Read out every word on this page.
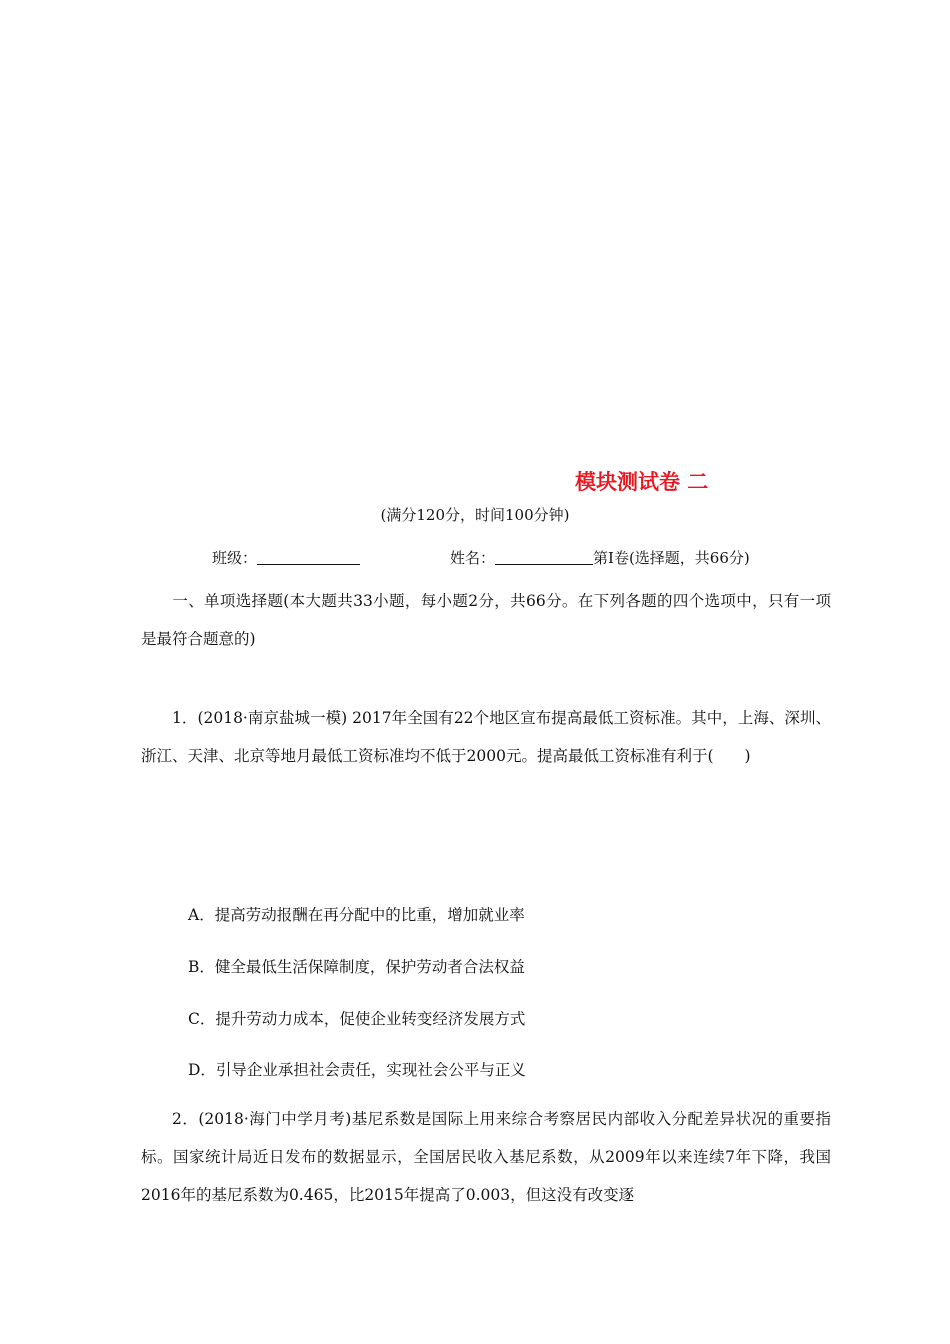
模块测试卷 二
(满分120分，时间100分钟)
班级：	姓名：	第Ⅰ卷(选择题，共66分)
一、单项选择题(本大题共33小题，每小题2分，共66分。在下列各题的四个选项中，只有一项是最符合题意的)
1．(2018·南京盐城一模) 2017年全国有22个地区宣布提高最低工资标准。其中，上海、深圳、浙江、天津、北京等地月最低工资标准均不低于2000元。提高最低工资标准有利于(　　)
A．提高劳动报酬在再分配中的比重，增加就业率
B．健全最低生活保障制度，保护劳动者合法权益
C．提升劳动力成本，促使企业转变经济发展方式
D．引导企业承担社会责任，实现社会公平与正义
2．(2018·海门中学月考)基尼系数是国际上用来综合考察居民内部收入分配差异状况的重要指标。国家统计局近日发布的数据显示，全国居民收入基尼系数，从2009年以来连续7年下降，我国2016年的基尼系数为0.465，比2015年提高了0.003，但这没有改变逐
